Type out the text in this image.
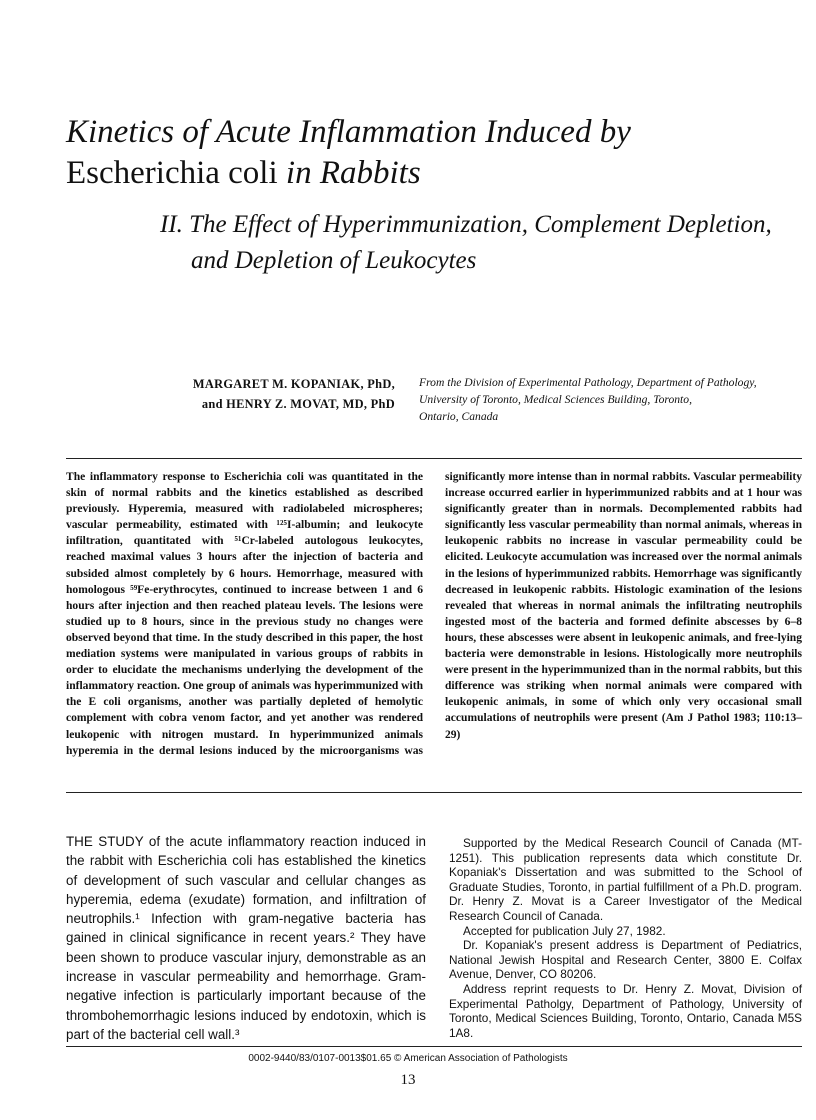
Kinetics of Acute Inflammation Induced by
Escherichia coli in Rabbits
II. The Effect of Hyperimmunization, Complement Depletion,
and Depletion of Leukocytes
MARGARET M. KOPANIAK, PhD,
and HENRY Z. MOVAT, MD, PhD
From the Division of Experimental Pathology, Department of Pathology,
University of Toronto, Medical Sciences Building, Toronto,
Ontario, Canada

The inflammatory response to Escherichia coli was quantitated in the skin of normal rabbits and the kinetics established as described previously. Hyperemia, measured with radiolabeled microspheres; vascular permeability, estimated with ¹²⁵I-albumin; and leukocyte infiltration, quantitated with ⁵¹Cr-labeled autologous leukocytes, reached maximal values 3 hours after the injection of bacteria and subsided almost completely by 6 hours. Hemorrhage, measured with homologous ⁵⁹Fe-erythrocytes, continued to increase between 1 and 6 hours after injection and then reached plateau levels. The lesions were studied up to 8 hours, since in the previous study no changes were observed beyond that time. In the study described in this paper, the host mediation systems were manipulated in various groups of rabbits in order to elucidate the mechanisms underlying the development of the inflammatory reaction. One group of animals was hyperimmunized with the E coli organisms, another was partially depleted of hemolytic complement with cobra venom factor, and yet another was rendered leukopenic with nitrogen mustard. In hyperimmunized animals hyperemia in the dermal lesions induced by the microorganisms was significantly more intense than in normal rabbits. Vascular permeability increase occurred earlier in hyperimmunized rabbits and at 1 hour was significantly greater than in normals. Decomplemented rabbits had significantly less vascular permeability than normal animals, whereas in leukopenic rabbits no increase in vascular permeability could be elicited. Leukocyte accumulation was increased over the normal animals in the lesions of hyperimmunized rabbits. Hemorrhage was significantly decreased in leukopenic rabbits. Histologic examination of the lesions revealed that whereas in normal animals the infiltrating neutrophils ingested most of the bacteria and formed definite abscesses by 6–8 hours, these abscesses were absent in leukopenic animals, and free-lying bacteria were demonstrable in lesions. Histologically more neutrophils were present in the hyperimmunized than in the normal rabbits, but this difference was striking when normal animals were compared with leukopenic animals, in some of which only very occasional small accumulations of neutrophils were present (Am J Pathol 1983; 110:13–29)

THE STUDY of the acute inflammatory reaction induced in the rabbit with Escherichia coli has established the kinetics of development of such vascular and cellular changes as hyperemia, edema (exudate) formation, and infiltration of neutrophils.¹ Infection with gram-negative bacteria has gained in clinical significance in recent years.² They have been shown to produce vascular injury, demonstrable as an increase in vascular permeability and hemorrhage. Gram-negative infection is particularly important because of the thrombohemorrhagic lesions induced by endotoxin, which is part of the bacterial cell wall.³

Supported by the Medical Research Council of Canada (MT-1251). This publication represents data which constitute Dr. Kopaniak's Dissertation and was submitted to the School of Graduate Studies, Toronto, in partial fulfillment of a Ph.D. program. Dr. Henry Z. Movat is a Career Investigator of the Medical Research Council of Canada.

Accepted for publication July 27, 1982.

Dr. Kopaniak's present address is Department of Pediatrics, National Jewish Hospital and Research Center, 3800 E. Colfax Avenue, Denver, CO 80206.

Address reprint requests to Dr. Henry Z. Movat, Division of Experimental Patholgy, Department of Pathology, University of Toronto, Medical Sciences Building, Toronto, Ontario, Canada M5S 1A8.

0002-9440/83/0107-0013$01.65 © American Association of Pathologists
13
